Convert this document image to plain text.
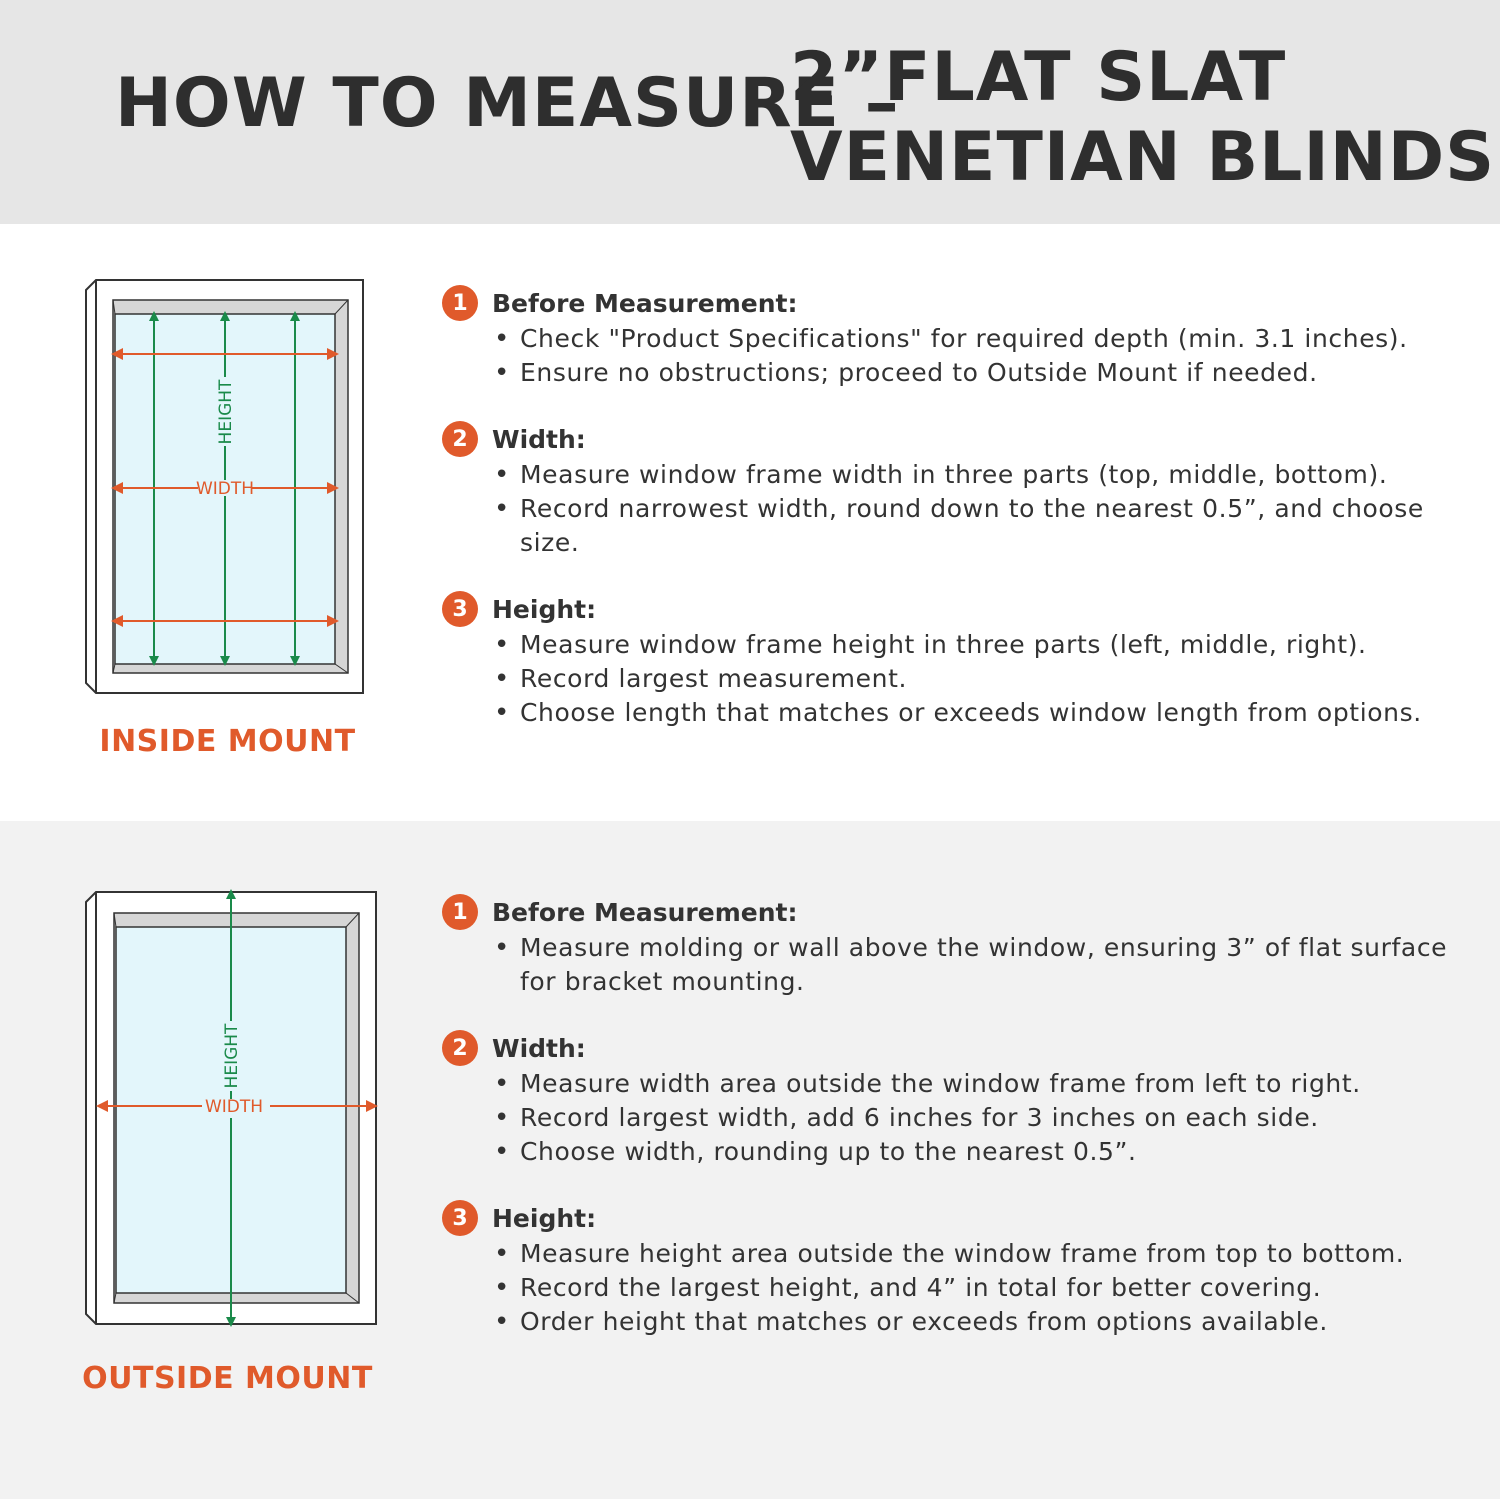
HOW TO MEASURE –
2”FLAT SLAT
VENETIAN BLINDS
HEIGHT
WIDTH
INSIDE MOUNT
1 Before Measurement:
• Check "Product Specifications" for required depth (min. 3.1 inches).
• Ensure no obstructions; proceed to Outside Mount if needed.
2 Width:
• Measure window frame width in three parts (top, middle, bottom).
• Record narrowest width, round down to the nearest 0.5”, and choose size.
3 Height:
• Measure window frame height in three parts (left, middle, right).
• Record largest measurement.
• Choose length that matches or exceeds window length from options.
HEIGHT
WIDTH
OUTSIDE MOUNT
1 Before Measurement:
• Measure molding or wall above the window, ensuring 3” of flat surface for bracket mounting.
2 Width:
• Measure width area outside the window frame from left to right.
• Record largest width, add 6 inches for 3 inches on each side.
• Choose width, rounding up to the nearest 0.5”.
3 Height:
• Measure height area outside the window frame from top to bottom.
• Record the largest height, and 4” in total for better covering.
• Order height that matches or exceeds from options available.
